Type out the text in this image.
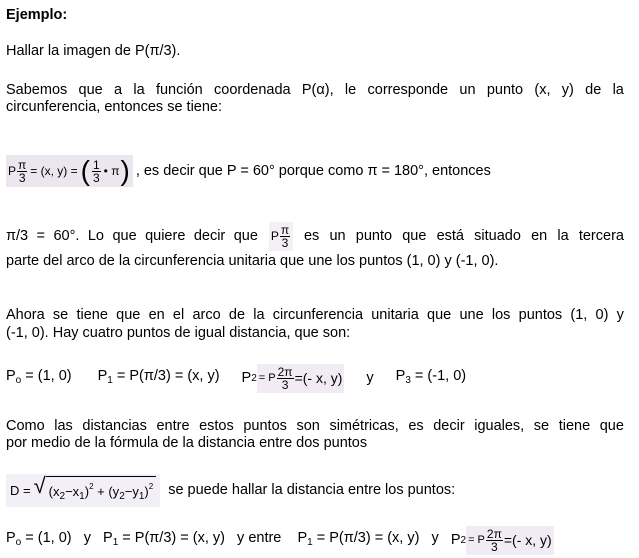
Ejemplo:
Hallar la imagen de P(π/3).
Sabemos que a la función coordenada P(α), le corresponde un punto (x, y) de la
circunferencia, entonces se tiene:
P $\frac{\pi}{3} = (x$, y) = ( $\frac{1}{3}$ • π ) , es decir que P = 60° porque como π = 180°, entonces
π/3 = 60°. Lo que quiere decir que P $\frac{\pi}{3}$ es un punto que está situado en la tercera
parte del arco de la circunferencia unitaria que une los puntos (1, 0) y (-1, 0).
Ahora se tiene que en el arco de la circunferencia unitaria que une los puntos (1, 0) y
(-1, 0). Hay cuatro puntos de igual distancia, que son:
$P_o = (1$, 0) $P_1 = P(\pi/3) = (x$, y) P 2 = P $\frac{2\pi}{3}$ =(- x, y) y $P_3 = (-1$, 0)
Como las distancias entre estos puntos son simétricas, es decir iguales, se tiene que
por medio de la fórmula de la distancia entre dos puntos
D = √ $(x_2-x_1)^2 + (y_2-y_1)^2$ se puede hallar la distancia entre los puntos:
$P_o = (1$, 0)   y $P_1 = P(\pi/3) = (x$, y)   y entre $P_1 = P(\pi/3) = (x$, y)   y P 2 = P $\frac{2\pi}{3}$ =(- x, y)
